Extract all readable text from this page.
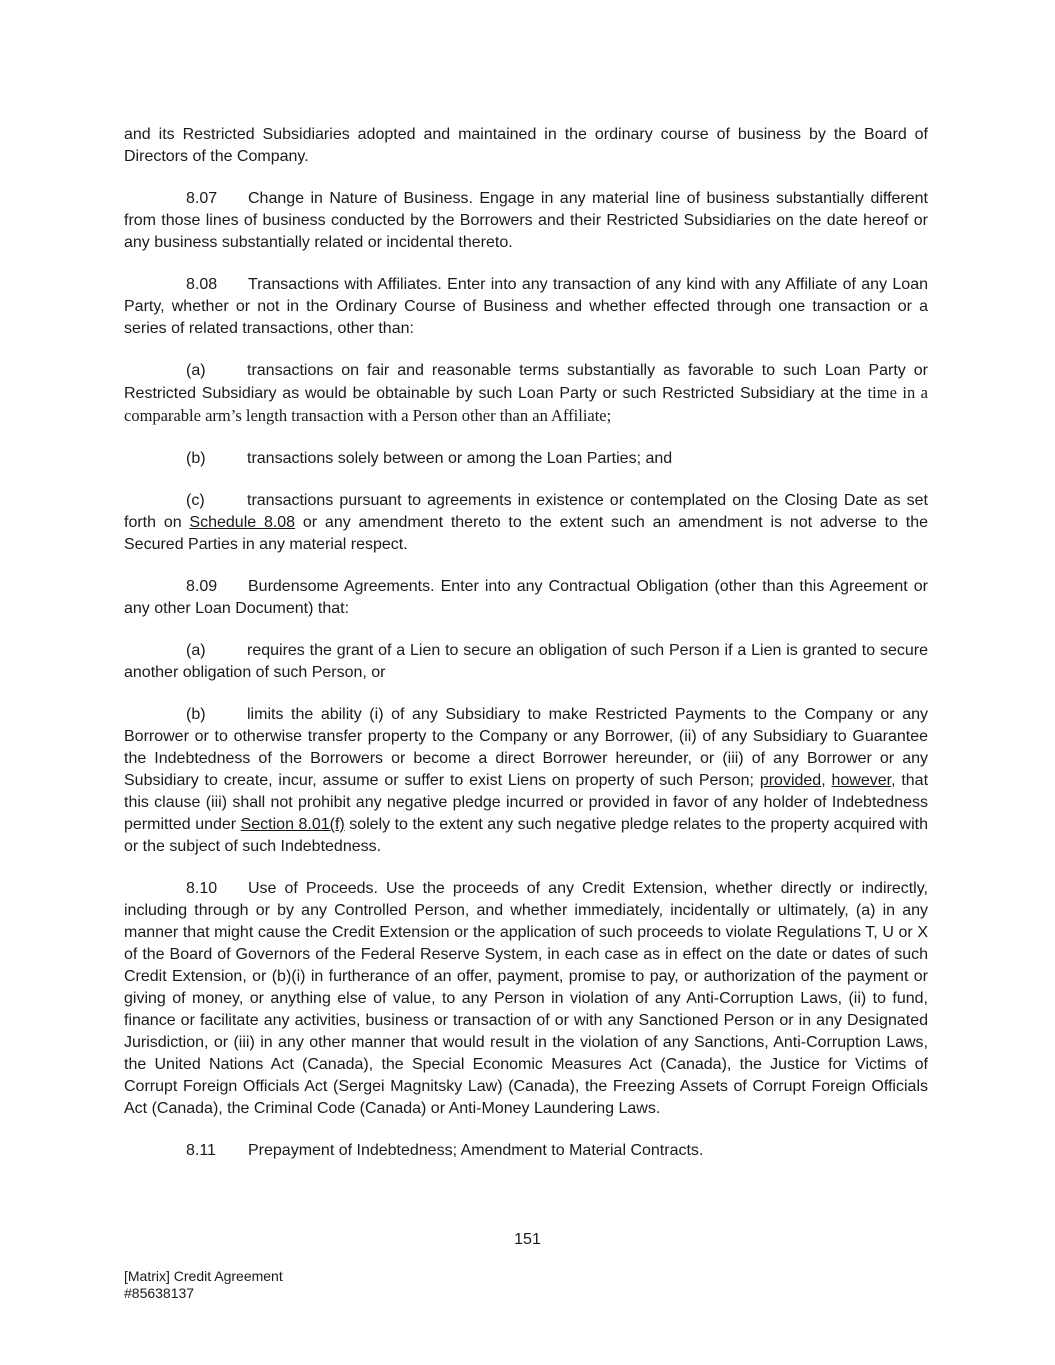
and its Restricted Subsidiaries adopted and maintained in the ordinary course of business by the Board of Directors of the Company.

8.07 Change in Nature of Business. Engage in any material line of business substantially different from those lines of business conducted by the Borrowers and their Restricted Subsidiaries on the date hereof or any business substantially related or incidental thereto.

8.08 Transactions with Affiliates. Enter into any transaction of any kind with any Affiliate of any Loan Party, whether or not in the Ordinary Course of Business and whether effected through one transaction or a series of related transactions, other than:

(a)	transactions on fair and reasonable terms substantially as favorable to such Loan Party or Restricted Subsidiary as would be obtainable by such Loan Party or such Restricted Subsidiary at the time in a comparable arm’s length transaction with a Person other than an Affiliate;

(b)	transactions solely between or among the Loan Parties; and

(c)	transactions pursuant to agreements in existence or contemplated on the Closing Date as set forth on Schedule 8.08 or any amendment thereto to the extent such an amendment is not adverse to the Secured Parties in any material respect.

8.09 Burdensome Agreements. Enter into any Contractual Obligation (other than this Agreement or any other Loan Document) that:

(a)	requires the grant of a Lien to secure an obligation of such Person if a Lien is granted to secure another obligation of such Person, or

(b)	limits the ability (i) of any Subsidiary to make Restricted Payments to the Company or any Borrower or to otherwise transfer property to the Company or any Borrower, (ii) of any Subsidiary to Guarantee the Indebtedness of the Borrowers or become a direct Borrower hereunder, or (iii) of any Borrower or any Subsidiary to create, incur, assume or suffer to exist Liens on property of such Person; provided, however, that this clause (iii) shall not prohibit any negative pledge incurred or provided in favor of any holder of Indebtedness permitted under Section 8.01(f) solely to the extent any such negative pledge relates to the property acquired with or the subject of such Indebtedness.

8.10 Use of Proceeds. Use the proceeds of any Credit Extension, whether directly or indirectly, including through or by any Controlled Person, and whether immediately, incidentally or ultimately, (a) in any manner that might cause the Credit Extension or the application of such proceeds to violate Regulations T, U or X of the Board of Governors of the Federal Reserve System, in each case as in effect on the date or dates of such Credit Extension, or (b)(i) in furtherance of an offer, payment, promise to pay, or authorization of the payment or giving of money, or anything else of value, to any Person in violation of any Anti-Corruption Laws, (ii) to fund, finance or facilitate any activities, business or transaction of or with any Sanctioned Person or in any Designated Jurisdiction, or (iii) in any other manner that would result in the violation of any Sanctions, Anti-Corruption Laws, the United Nations Act (Canada), the Special Economic Measures Act (Canada), the Justice for Victims of Corrupt Foreign Officials Act (Sergei Magnitsky Law) (Canada), the Freezing Assets of Corrupt Foreign Officials Act (Canada), the Criminal Code (Canada) or Anti-Money Laundering Laws.

8.11 Prepayment of Indebtedness; Amendment to Material Contracts.

151
[Matrix] Credit Agreement
#85638137
